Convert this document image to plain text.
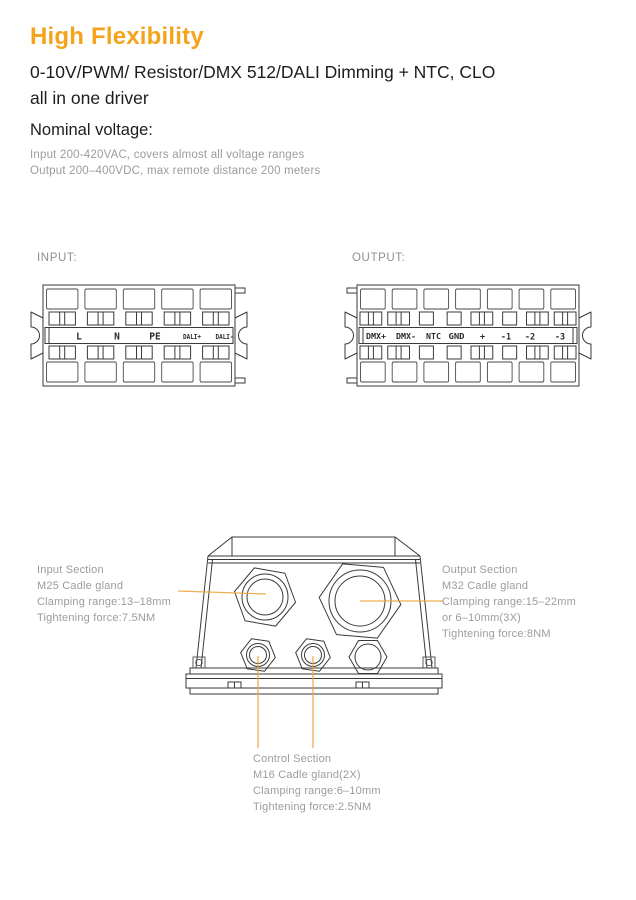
High Flexibility
0-10V/PWM/ Resistor/DMX 512/DALI Dimming + NTC, CLO
all in one driver
Nominal voltage:
Input 200-420VAC, covers almost all voltage ranges
Output 200–400VDC, max remote distance 200 meters
INPUT:
L	N	PE	DALI+ DALI-
OUTPUT:
DMX+ DMX- NTC GND + -1 -2 -3
Input Section
M25 Cadle gland
Clamping range:13–18mm
Tightening force:7.5NM
Output Section
M32 Cadle gland
Clamping range:15–22mm
or 6–10mm(3X)
Tightening force:8NM
Control Section
M16 Cadle gland(2X)
Clamping range:6–10mm
Tightening force:2.5NM
